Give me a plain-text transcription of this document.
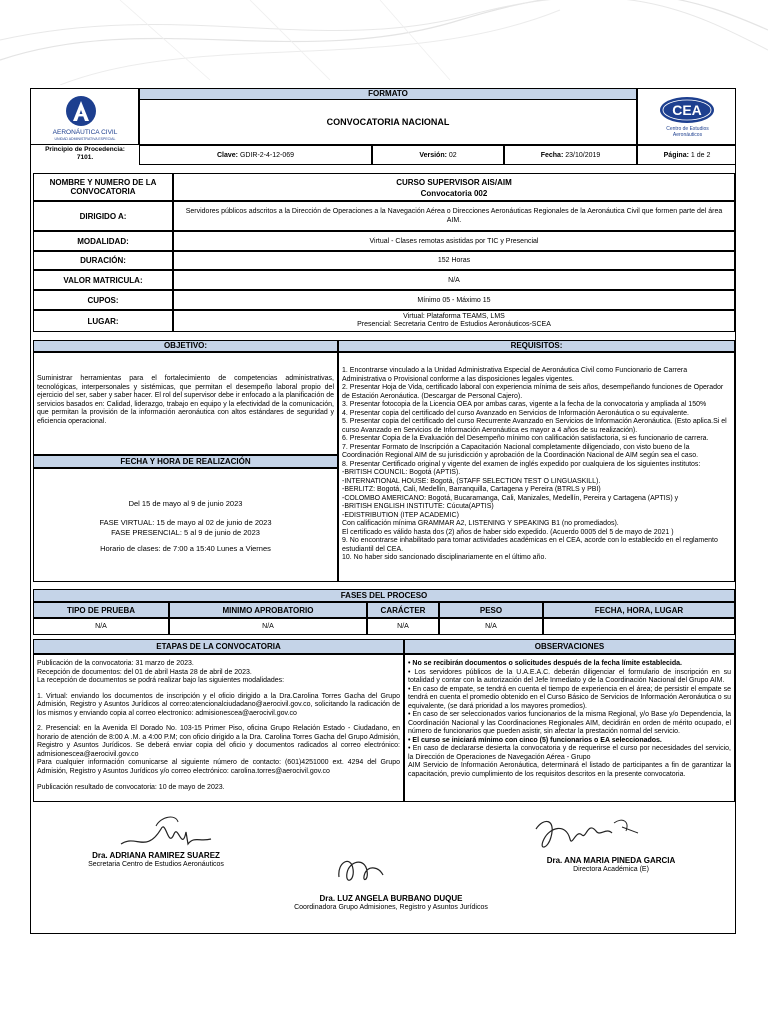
AERONÁUTICA CIVIL
UNIDAD ADMINISTRATIVA ESPECIAL
FORMATO
CONVOCATORIA NACIONAL
CEA
Centro de Estudios
Aeronáuticos
Principio de Procedencia:
7101.	Clave:
GDIR-2-4-12-069	Versión:
02	Fecha:
23/10/2019	Página:
1 de 2
NOMBRE Y NUMERO DE LA CONVOCATORIA
CURSO SUPERVISOR AIS/AIM
Convocatoria 002
DIRIGIDO A:	Servidores públicos adscritos a la Dirección de Operaciones a la Navegación Aérea o Direcciones Aeronáuticas Regionales de la Aeronáutica Civil que formen parte del área AIM.
MODALIDAD:	Virtual - Clases remotas asistidas por TIC y Presencial
DURACIÓN:	152 Horas
VALOR MATRICULA:	N/A
CUPOS:	Mínimo 05 - Máximo 15
LUGAR:	Virtual: Plataforma TEAMS, LMS
Presencial: Secretaria Centro de Estudios Aeronáuticos-SCEA
OBJETIVO:
Suministrar herramientas para el fortalecimiento de competencias administrativas, tecnológicas, interpersonales y sistémicas, que permitan el desempeño laboral propio del ejercicio del ser, saber y saber hacer. El rol del supervisor debe ir enfocado a la planificación de servicios basados en: Calidad, liderazgo, trabajo en equipo y la efectividad de la comunicación, que permitan la provisión de la información aeronáutica con altos estándares de seguridad y eficiencia operacional.
FECHA Y HORA DE REALIZACIÓN
Del 15 de mayo al 9 de junio 2023
FASE VIRTUAL: 15 de mayo al 02 de junio de 2023
FASE PRESENCIAL: 5 al 9 de junio de 2023
Horario de clases: de 7:00 a 15:40 Lunes a Viernes
REQUISITOS:
1. Encontrarse vinculado a la Unidad Administrativa Especial de Aeronáutica Civil como Funcionario de Carrera Administrativa o Provisional conforme a las disposiciones legales vigentes.
2. Presentar Hoja de Vida, certificado laboral con experiencia mínima de seis años, desempeñando funciones de Operador de Estación Aeronáutica. (Descargar de Personal Cajero).
3. Presentar fotocopia de la Licencia OEA por ambas caras, vigente a la fecha de la convocatoria y ampliada al 150%
4. Presentar copia del certificado del curso Avanzado en Servicios de Información Aeronáutica o su equivalente.
5. Presentar copia del certificado del curso Recurrente Avanzado en Servicios de Información Aeronáutica. (Esto aplica.Si el curso Avanzado en Servicios de Información Aeronáutica es mayor a 4 años de su realización).
6. Presentar Copia de la Evaluación del Desempeño mínimo con calificación satisfactoria, si es funcionario de carrera.
7. Presentar Formato de Inscripción a Capacitación Nacional completamente diligenciado, con visto bueno de la Coordinación Regional AIM de su jurisdicción y aprobación de la Coordinación Nacional de AIM según sea el caso.
8. Presentar Certificado original y vigente del examen de inglés expedido por cualquiera de los siguientes institutos:
-BRITISH COUNCIL: Bogotá (APTIS).
-INTERNATIONAL HOUSE: Bogotá, (STAFF SELECTION TEST O LINGUASKILL).
-BERLITZ: Bogotá, Cali, Medellin, Barranquilla, Cartagena y Pereira (BTRLS y PBI)
-COLOMBO AMERICANO: Bogotá, Bucaramanga, Cali, Manizales, Medellín, Pereira y Cartagena (APTIS) y
-BRITISH ENGLISH INSTITUTE: Cúcuta(APTIS)
-EDISTRIBUTION (ITEP ACADEMIC)
Con calificación mínima GRAMMAR A2, LISTENING Y SPEAKING B1 (no promediados).
El certificado es válido hasta dos (2) años de haber sido expedido. (Acuerdo 0005 del 5 de mayo de 2021 )
9. No encontrarse inhabilitado para tomar actividades académicas en el CEA, acorde con lo establecido en el reglamento estudiantil del CEA.
10. No haber sido sancionado disciplinariamente en el último año.
FASES DEL PROCESO
TIPO DE PRUEBA	MINIMO APROBATORIO	CARÁCTER	PESO	FECHA, HORA, LUGAR
N/A	N/A	N/A	N/A
ETAPAS DE LA CONVOCATORIA
Publicación de la convocatoria: 31 marzo de 2023.
Recepción de documentos: del 01 de abril Hasta 28 de abril de 2023.
La recepción de documentos se podrá realizar bajo las siguientes modalidades:
1. Virtual: enviando los documentos de inscripción y el oficio dirigido a la Dra.Carolina Torres Gacha del Grupo Admisión, Registro y Asuntos Jurídicos al correo:atencionalciudadano@aerocivil.gov.co, solicitando la radicación de los mismos y enviando copia al correo electronico: admisionescea@aerocivil.gov.co
2. Presencial: en la Avenida El Dorado No. 103-15 Primer Piso, oficina Grupo Relación Estado - Ciudadano, en horario de atención de 8:00 A .M. a 4:00 P.M; con oficio dirigido a la Dra. Carolina Torres Gacha del Grupo Admisión, Registro y Asuntos Jurídicos. Se deberá enviar copia del oficio y documentos radicados al correo electrónico: admisionescea@aerocivil.gov.co
Para cualquier información comunicarse al siguiente número de contacto: (601)4251000 ext. 4294 del Grupo Admisión, Registro y Asuntos Jurídicos y/o correo electrónico: carolina.torres@aerocivil.gov.co
Publicación resultado de convocatoria: 10 de mayo de 2023.
OBSERVACIONES
• No se recibirán documentos o solicitudes después de la fecha límite establecida.
• Los servidores públicos de la U.A.E.A.C. deberán diligenciar el formulario de inscripción en su totalidad y contar con la autorización del Jefe Inmediato y de la Coordinación Nacional del Grupo AIM.
• En caso de empate, se tendrá en cuenta el tiempo de experiencia en el área; de persistir el empate se tendrá en cuenta el promedio obtenido en el Curso Básico de Servicios de Información Aeronáutica o su equivalente, (se dará prioridad a los mayores promedios).
• En caso de ser seleccionados varios funcionarios de la misma Regional, y/o Base y/o Dependencia, la Coordinación Nacional y las Coordinaciones Regionales AIM, decidirán en orden de mérito ocupado, el número de funcionarios que pueden asistir, sin afectar la prestación normal del servicio.
• El curso se iniciará mínimo con cinco (5) funcionarios o EA seleccionados.
• En caso de declararse desierta la convocatoria y de requerirse el curso por necesidades del servicio, la Dirección de Operaciones de Navegación Aérea - Grupo
AIM Servicio de Información Aeronáutica, determinará el listado de participantes a fin de garantizar la capacitación, previo cumplimiento de los requisitos descritos en la presente convocatoria.
Dra. ADRIANA RAMIREZ SUAREZ
Secretaria Centro de Estudios Aeronáuticos	Dra. ANA MARIA PINEDA GARCIA
Directora Académica (E)
Dra. LUZ ANGELA BURBANO DUQUE
Coordinadora Grupo Admisiones, Registro y Asuntos Jurídicos
